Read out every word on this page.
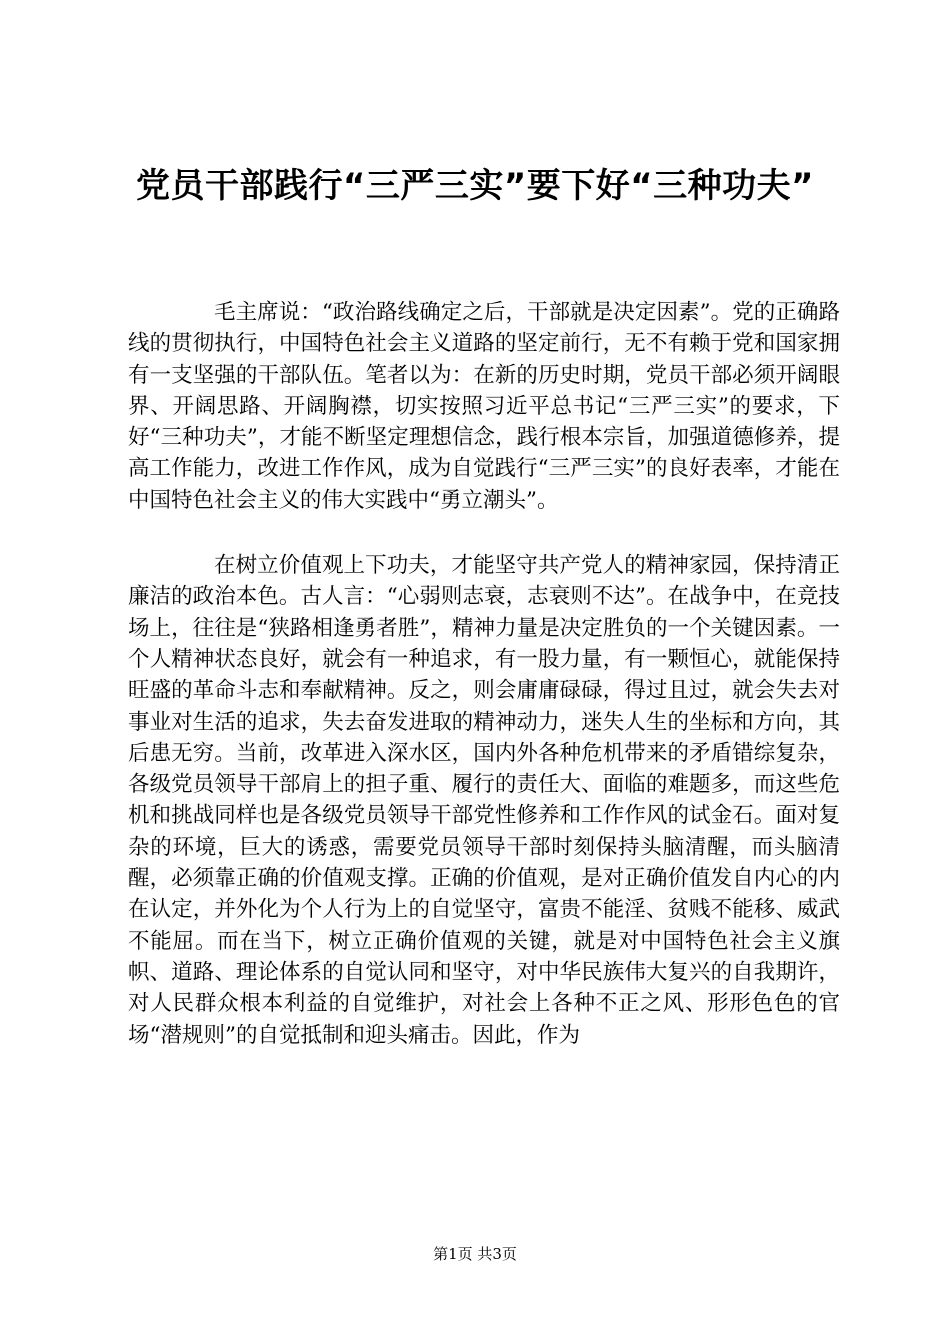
党员干部践行“三严三实”要下好“三种功夫”

毛主席说：“政治路线确定之后，干部就是决定因素”。党的正确路线的贯彻执行，中国特色社会主义道路的坚定前行，无不有赖于党和国家拥有一支坚强的干部队伍。笔者以为：在新的历史时期，党员干部必须开阔眼界、开阔思路、开阔胸襟，切实按照习近平总书记“三严三实”的要求，下好“三种功夫”，才能不断坚定理想信念，践行根本宗旨，加强道德修养，提高工作能力，改进工作作风，成为自觉践行“三严三实”的良好表率，才能在中国特色社会主义的伟大实践中“勇立潮头”。

在树立价值观上下功夫，才能坚守共产党人的精神家园，保持清正廉洁的政治本色。古人言：“心弱则志衰，志衰则不达”。在战争中，在竞技场上，往往是“狭路相逢勇者胜”，精神力量是决定胜负的一个关键因素。一个人精神状态良好，就会有一种追求，有一股力量，有一颗恒心，就能保持旺盛的革命斗志和奉献精神。反之，则会庸庸碌碌，得过且过，就会失去对事业对生活的追求，失去奋发进取的精神动力，迷失人生的坐标和方向，其后患无穷。当前，改革进入深水区，国内外各种危机带来的矛盾错综复杂，各级党员领导干部肩上的担子重、履行的责任大、面临的难题多，而这些危机和挑战同样也是各级党员领导干部党性修养和工作作风的试金石。面对复杂的环境，巨大的诱惑，需要党员领导干部时刻保持头脑清醒，而头脑清醒，必须靠正确的价值观支撑。正确的价值观，是对正确价值发自内心的内在认定，并外化为个人行为上的自觉坚守，富贵不能淫、贫贱不能移、威武不能屈。而在当下，树立正确价值观的关键，就是对中国特色社会主义旗帜、道路、理论体系的自觉认同和坚守，对中华民族伟大复兴的自我期许，对人民群众根本利益的自觉维护，对社会上各种不正之风、形形色色的官场“潜规则”的自觉抵制和迎头痛击。因此，作为

第1页 共3页
